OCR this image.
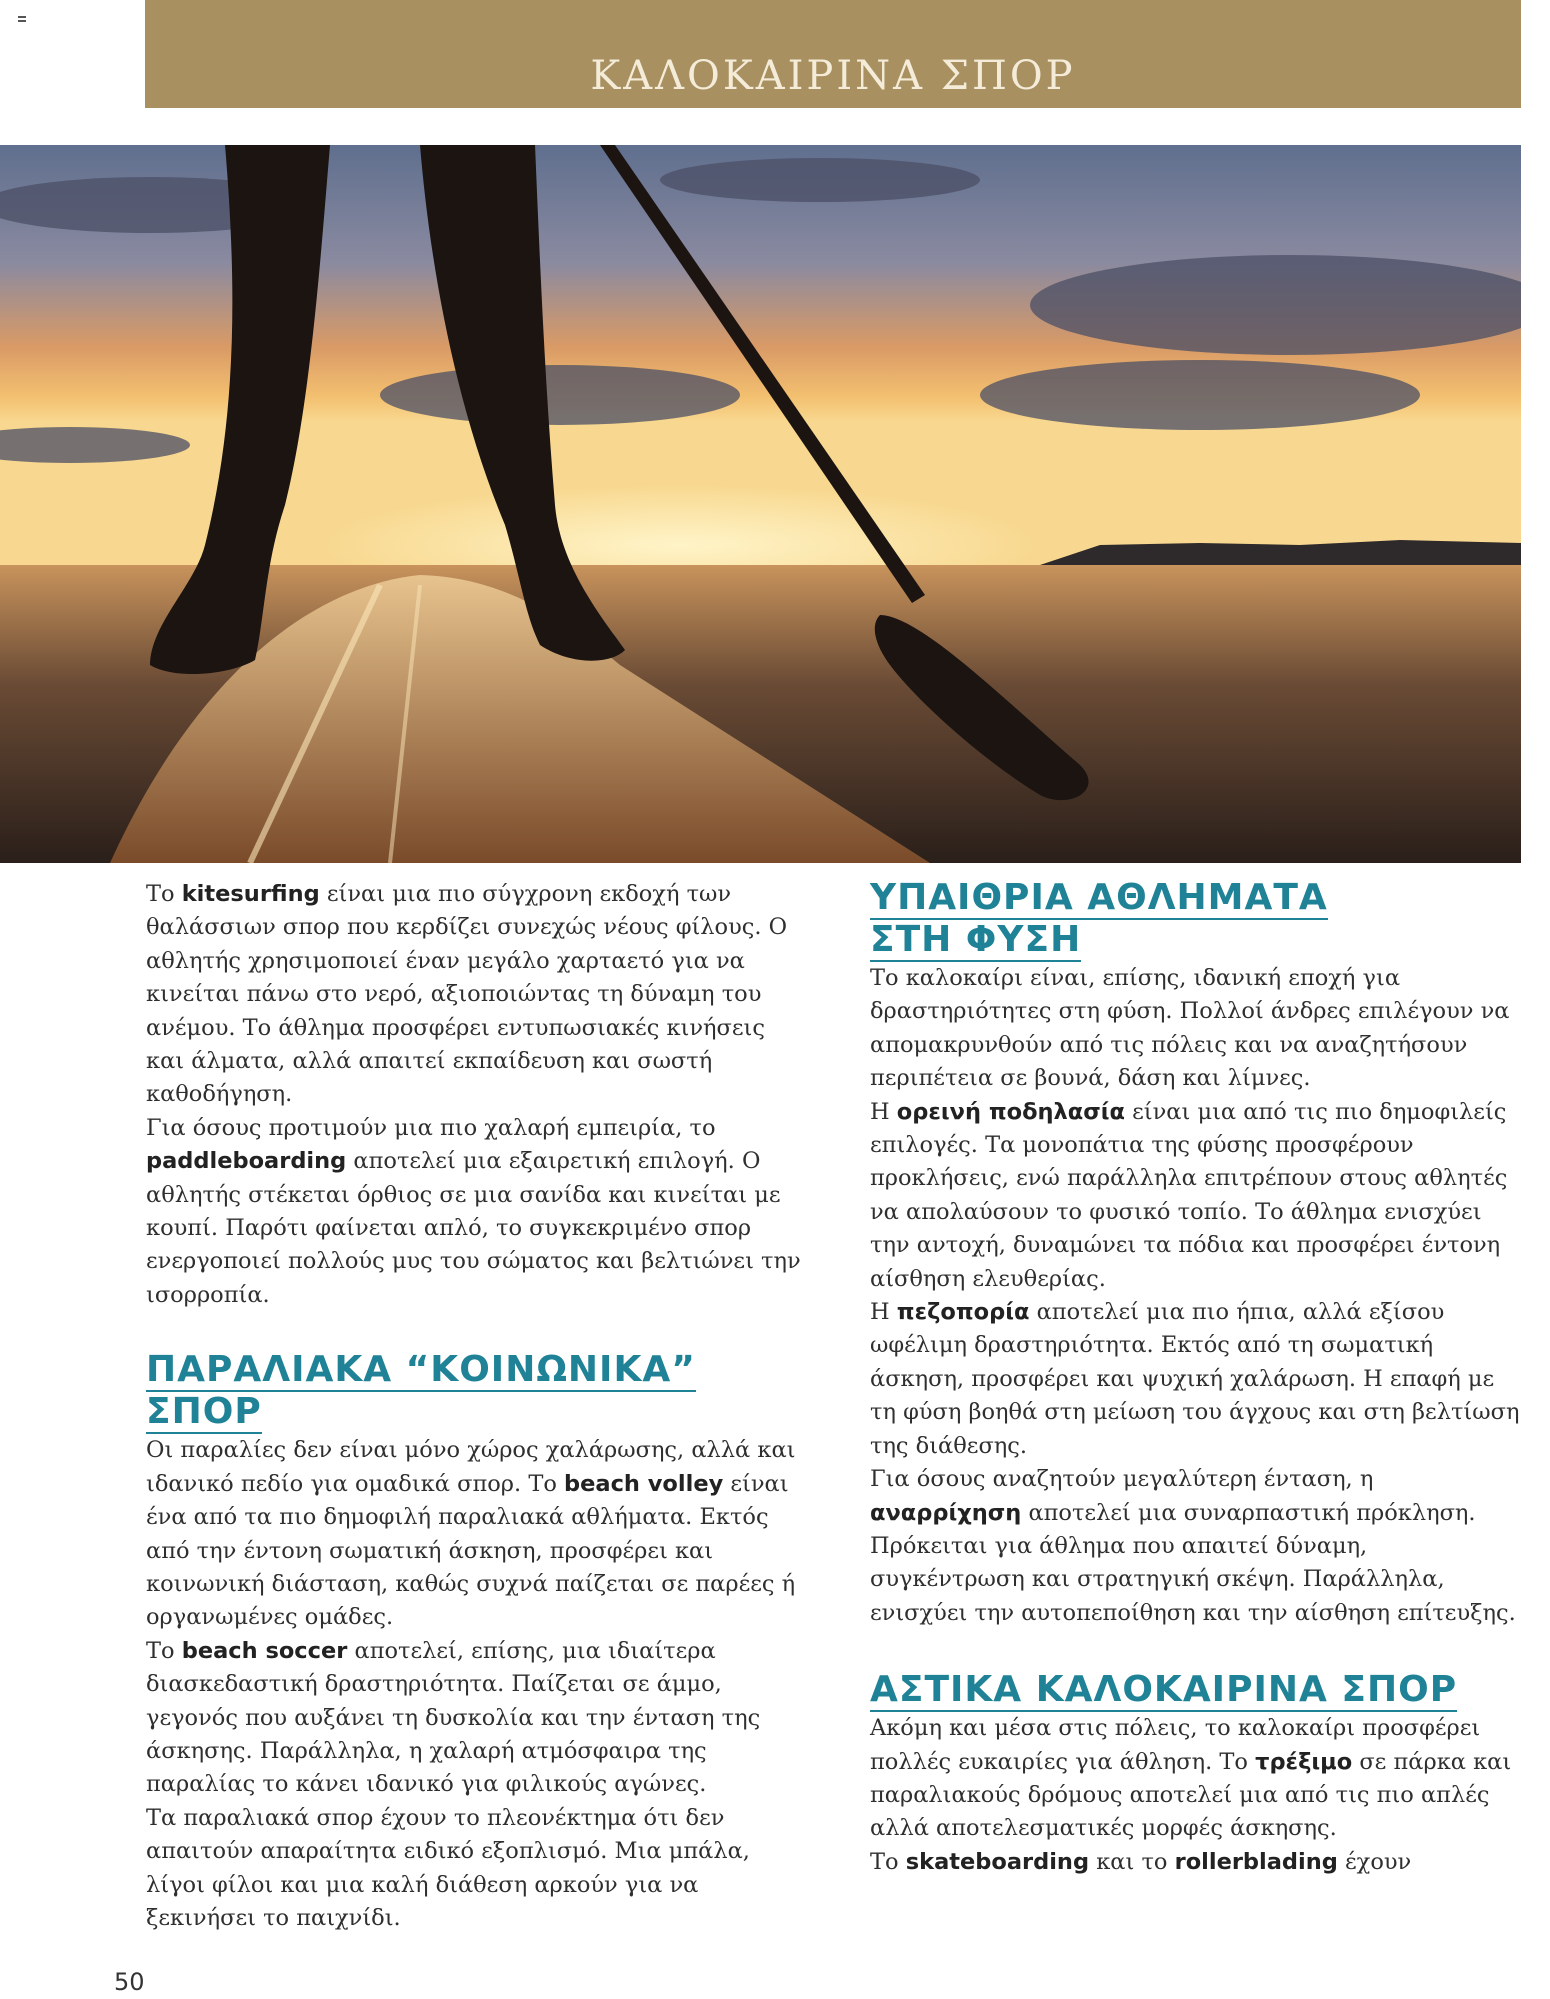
ΚΑΛΟΚΑΙΡΙΝΑ ΣΠΟΡ

Το kitesurfing είναι μια πιο σύγχρονη εκδοχή των θαλάσσιων σπορ που κερδίζει συνεχώς νέους φίλους. Ο αθλητής χρησιμοποιεί έναν μεγάλο χαρταετό για να κινείται πάνω στο νερό, αξιοποιώντας τη δύναμη του ανέμου. Το άθλημα προσφέρει εντυπωσιακές κινήσεις και άλματα, αλλά απαιτεί εκπαίδευση και σωστή καθοδήγηση.

Για όσους προτιμούν μια πιο χαλαρή εμπειρία, το paddleboarding αποτελεί μια εξαιρετική επιλογή. Ο αθλητής στέκεται όρθιος σε μια σανίδα και κινείται με κουπί. Παρότι φαίνεται απλό, το συγκεκριμένο σπορ ενεργοποιεί πολλούς μυς του σώματος και βελτιώνει την ισορροπία.

ΠΑΡΑΛΙΑΚΑ “ΚΟΙΝΩΝΙΚΑ”
ΣΠΟΡ

Οι παραλίες δεν είναι μόνο χώρος χαλάρωσης, αλλά και ιδανικό πεδίο για ομαδικά σπορ. Το beach volley είναι ένα από τα πιο δημοφιλή παραλιακά αθλήματα. Εκτός από την έντονη σωματική άσκηση, προσφέρει και κοινωνική διάσταση, καθώς συχνά παίζεται σε παρέες ή οργανωμένες ομάδες.

Το beach soccer αποτελεί, επίσης, μια ιδιαίτερα διασκεδαστική δραστηριότητα. Παίζεται σε άμμο, γεγονός που αυξάνει τη δυσκολία και την ένταση της άσκησης. Παράλληλα, η χαλαρή ατμόσφαιρα της παραλίας το κάνει ιδανικό για φιλικούς αγώνες.

Τα παραλιακά σπορ έχουν το πλεονέκτημα ότι δεν απαιτούν απαραίτητα ειδικό εξοπλισμό. Μια μπάλα, λίγοι φίλοι και μια καλή διάθεση αρκούν για να ξεκινήσει το παιχνίδι.

ΥΠΑΙΘΡΙΑ ΑΘΛΗΜΑΤΑ
ΣΤΗ ΦΥΣΗ

Το καλοκαίρι είναι, επίσης, ιδανική εποχή για δραστηριότητες στη φύση. Πολλοί άνδρες επιλέγουν να απομακρυνθούν από τις πόλεις και να αναζητήσουν περιπέτεια σε βουνά, δάση και λίμνες.

Η ορεινή ποδηλασία είναι μια από τις πιο δημοφιλείς επιλογές. Τα μονοπάτια της φύσης προσφέρουν προκλήσεις, ενώ παράλληλα επιτρέπουν στους αθλητές να απολαύσουν το φυσικό τοπίο. Το άθλημα ενισχύει την αντοχή, δυναμώνει τα πόδια και προσφέρει έντονη αίσθηση ελευθερίας.

Η πεζοπορία αποτελεί μια πιο ήπια, αλλά εξίσου ωφέλιμη δραστηριότητα. Εκτός από τη σωματική άσκηση, προσφέρει και ψυχική χαλάρωση. Η επαφή με τη φύση βοηθά στη μείωση του άγχους και στη βελτίωση της διάθεσης.

Για όσους αναζητούν μεγαλύτερη ένταση, η αναρρίχηση αποτελεί μια συναρπαστική πρόκληση. Πρόκειται για άθλημα που απαιτεί δύναμη, συγκέντρωση και στρατηγική σκέψη. Παράλληλα, ενισχύει την αυτοπεποίθηση και την αίσθηση επίτευξης.

ΑΣΤΙΚΑ ΚΑΛΟΚΑΙΡΙΝΑ ΣΠΟΡ

Ακόμη και μέσα στις πόλεις, το καλοκαίρι προσφέρει πολλές ευκαιρίες για άθληση. Το τρέξιμο σε πάρκα και παραλιακούς δρόμους αποτελεί μια από τις πιο απλές αλλά αποτελεσματικές μορφές άσκησης.

Το skateboarding και το rollerblading έχουν

50
